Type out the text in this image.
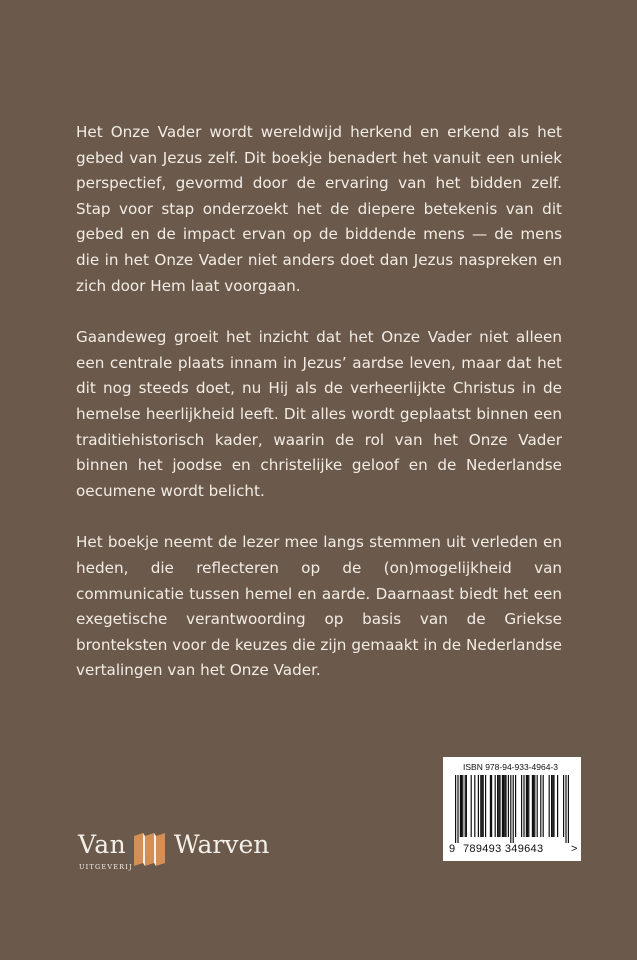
Het Onze Vader wordt wereldwijd herkend en erkend als het gebed van Jezus zelf. Dit boekje benadert het vanuit een uniek perspectief, gevormd door de ervaring van het bidden zelf. Stap voor stap onderzoekt het de diepere betekenis van dit gebed en de impact ervan op de biddende mens — de mens die in het Onze Vader niet anders doet dan Jezus naspreken en zich door Hem laat voorgaan.

Gaandeweg groeit het inzicht dat het Onze Vader niet alleen een centrale plaats innam in Jezus’ aardse leven, maar dat het dit nog steeds doet, nu Hij als de verheerlijkte Christus in de hemelse heerlijkheid leeft. Dit alles wordt geplaatst binnen een traditiehistorisch kader, waarin de rol van het Onze Vader binnen het joodse en christelijke geloof en de Nederlandse oecumene wordt belicht.

Het boekje neemt de lezer mee langs stemmen uit verleden en heden, die reflecteren op de (on)mogelijkheid van communicatie tussen hemel en aarde. Daarnaast biedt het een exegetische verantwoording op basis van de Griekse bronteksten voor de keuzes die zijn gemaakt in de Nederlandse vertalingen van het Onze Vader.

Van
UITGEVERIJ
Warven
ISBN 978-94-933-4964-3
9 789493 349643	>
